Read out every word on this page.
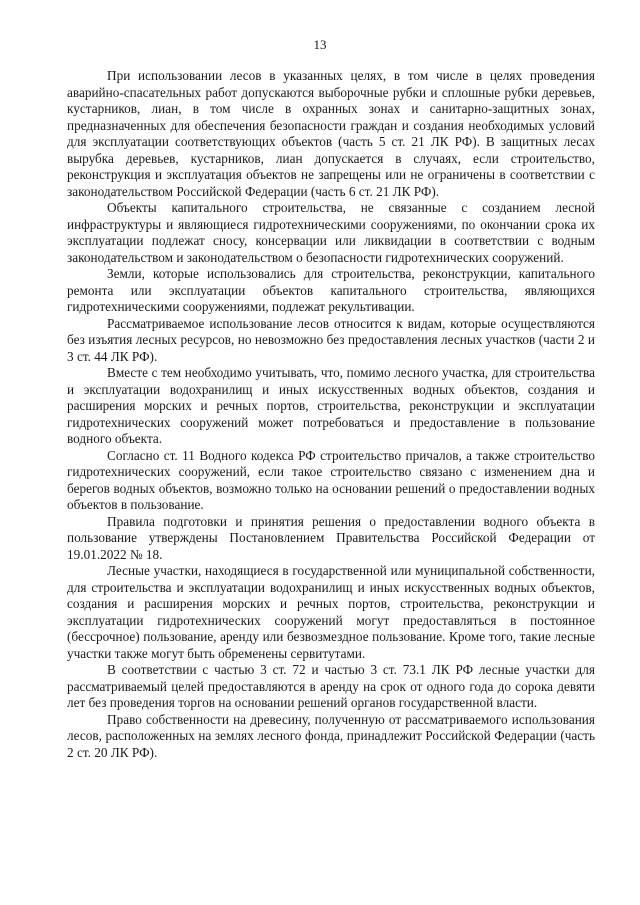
13

При использовании лесов в указанных целях, в том числе в целях проведения аварийно-спасательных работ допускаются выборочные рубки и сплошные рубки деревьев, кустарников, лиан, в том числе в охранных зонах и санитарно-защитных зонах, предназначенных для обеспечения безопасности граждан и создания необходимых условий для эксплуатации соответствующих объектов (часть 5 ст. 21 ЛК РФ). В защитных лесах вырубка деревьев, кустарников, лиан допускается в случаях, если строительство, реконструкция и эксплуатация объектов не запрещены или не ограничены в соответствии с законодательством Российской Федерации (часть 6 ст. 21 ЛК РФ).

Объекты капитального строительства, не связанные с созданием лесной инфраструктуры и являющиеся гидротехническими сооружениями, по окончании срока их эксплуатации подлежат сносу, консервации или ликвидации в соответствии с водным законодательством и законодательством о безопасности гидротехнических сооружений.

Земли, которые использовались для строительства, реконструкции, капитального ремонта или эксплуатации объектов капитального строительства, являющихся гидротехническими сооружениями, подлежат рекультивации.

Рассматриваемое использование лесов относится к видам, которые осуществляются без изъятия лесных ресурсов, но невозможно без предоставления лесных участков (части 2 и 3 ст. 44 ЛК РФ).

Вместе с тем необходимо учитывать, что, помимо лесного участка, для строительства и эксплуатации водохранилищ и иных искусственных водных объектов, создания и расширения морских и речных портов, строительства, реконструкции и эксплуатации гидротехнических сооружений может потребоваться и предоставление в пользование водного объекта.

Согласно ст. 11 Водного кодекса РФ строительство причалов, а также строительство гидротехнических сооружений, если такое строительство связано с изменением дна и берегов водных объектов, возможно только на основании решений о предоставлении водных объектов в пользование.

Правила подготовки и принятия решения о предоставлении водного объекта в пользование утверждены Постановлением Правительства Российской Федерации от 19.01.2022 № 18.

Лесные участки, находящиеся в государственной или муниципальной собственности, для строительства и эксплуатации водохранилищ и иных искусственных водных объектов, создания и расширения морских и речных портов, строительства, реконструкции и эксплуатации гидротехнических сооружений могут предоставляться в постоянное (бессрочное) пользование, аренду или безвозмездное пользование. Кроме того, такие лесные участки также могут быть обременены сервитутами.

В соответствии с частью 3 ст. 72 и частью 3 ст. 73.1 ЛК РФ лесные участки для рассматриваемый целей предоставляются в аренду на срок от одного года до сорока девяти лет без проведения торгов на основании решений органов государственной власти.

Право собственности на древесину, полученную от рассматриваемого использования лесов, расположенных на землях лесного фонда, принадлежит Российской Федерации (часть 2 ст. 20 ЛК РФ).
